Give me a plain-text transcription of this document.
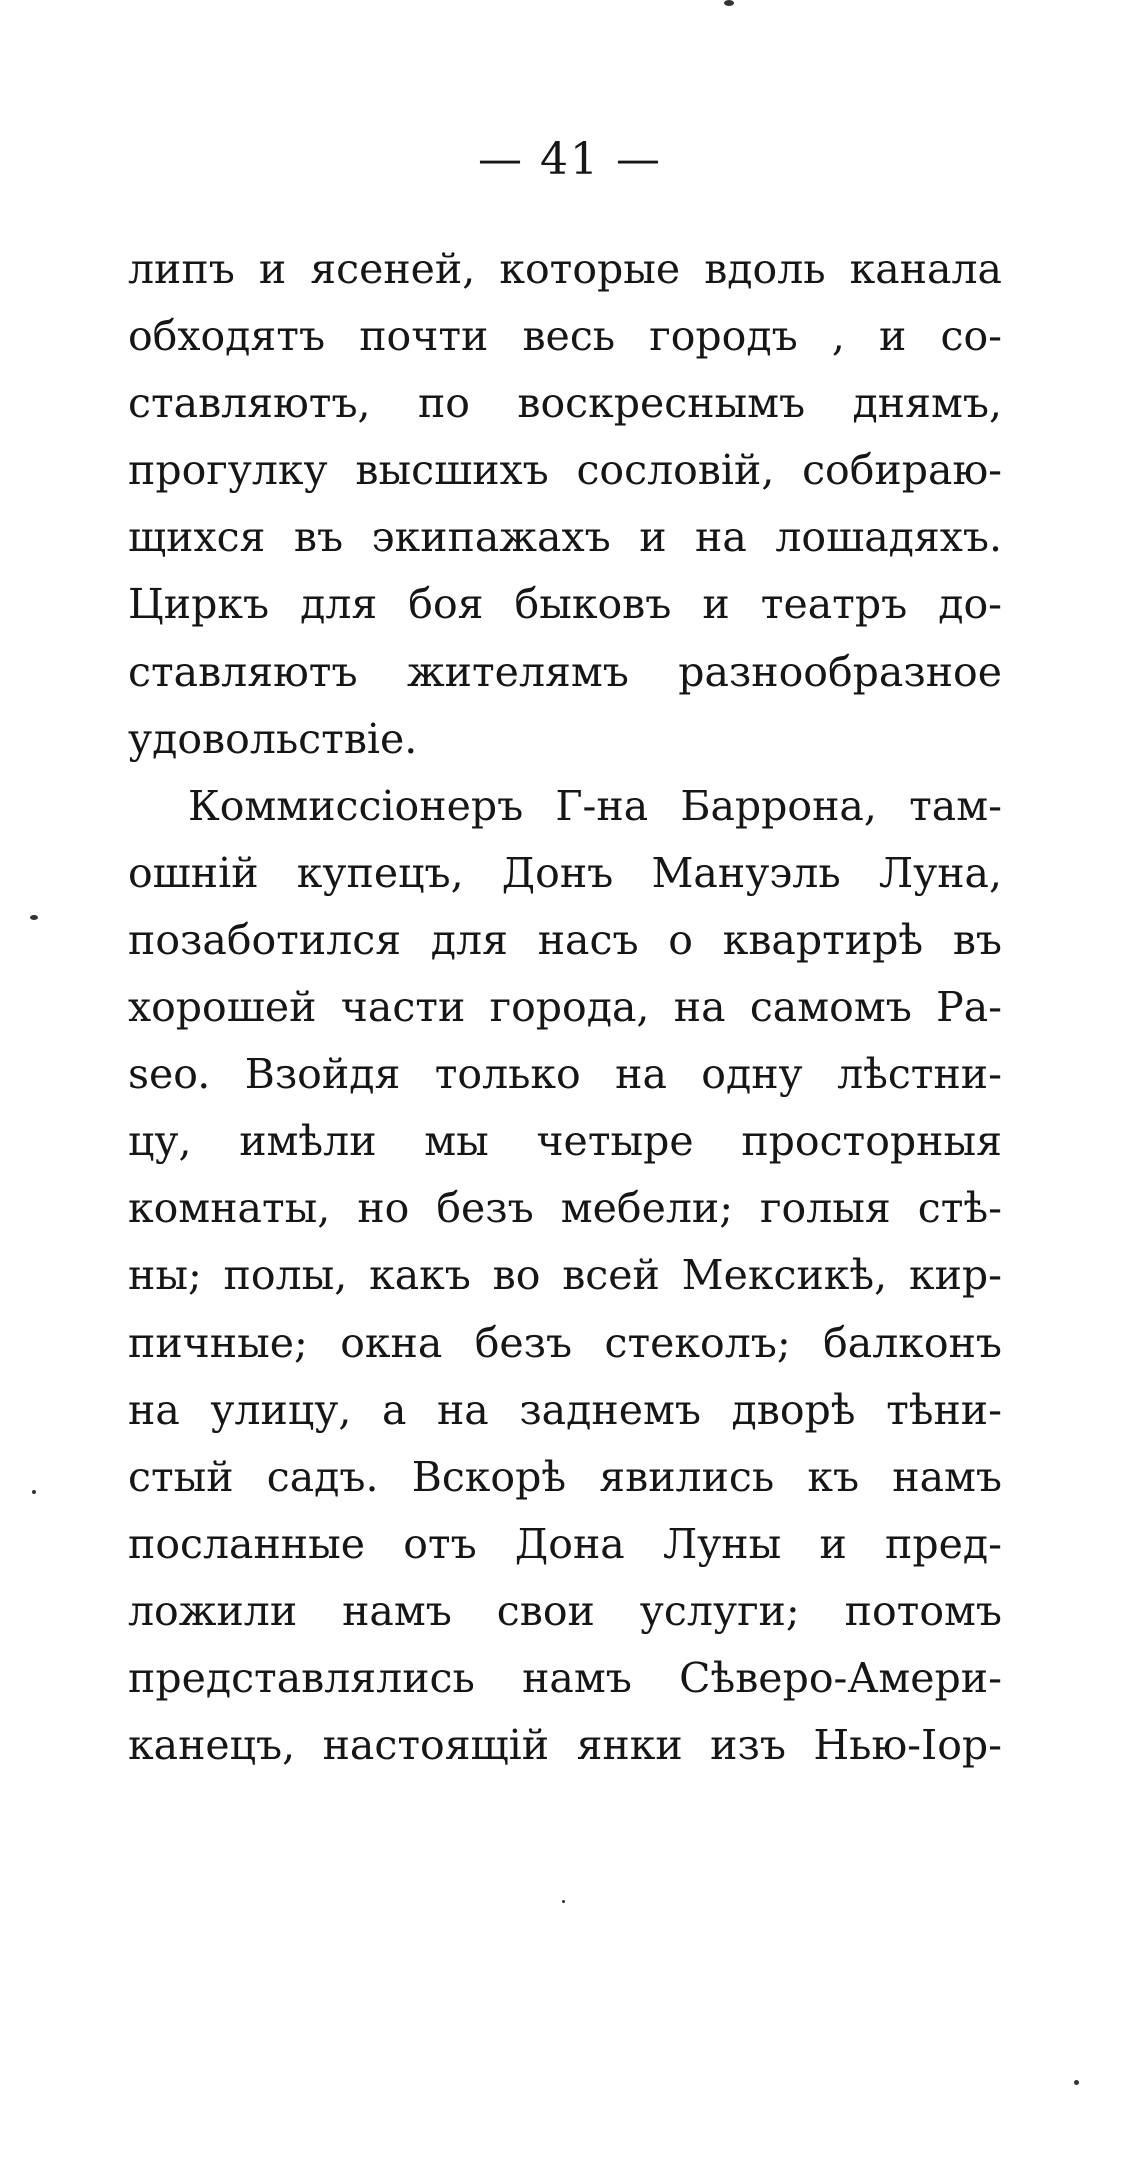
— 41 —
липъ и ясеней, которые вдоль канала
обходятъ почти весь городъ , и со-
ставляютъ, по воскреснымъ днямъ,
прогулку высшихъ сословій, собираю-
щихся въ экипажахъ и на лошадяхъ.
Циркъ для боя быковъ и театръ до-
ставляютъ жителямъ разнообразное
удовольствіе.
Коммиссіонеръ Г-на Баррона, там-
ошній купецъ, Донъ Мануэль Луна,
позаботился для насъ о квартирѣ въ
хорошей части города, на самомъ Ра-
seo. Взойдя только на одну лѣстни-
цу, имѣли мы четыре просторныя
комнаты, но безъ мебели; голыя стѣ-
ны; полы, какъ во всей Мексикѣ, кир-
пичные; окна безъ стеколъ; балконъ
на улицу, а на заднемъ дворѣ тѣни-
стый садъ. Вскорѣ явились къ намъ
посланные отъ Дона Луны и пред-
ложили намъ свои услуги; потомъ
представлялись намъ Сѣверо-Амери-
канецъ, настоящій янки изъ Нью-Іор-
